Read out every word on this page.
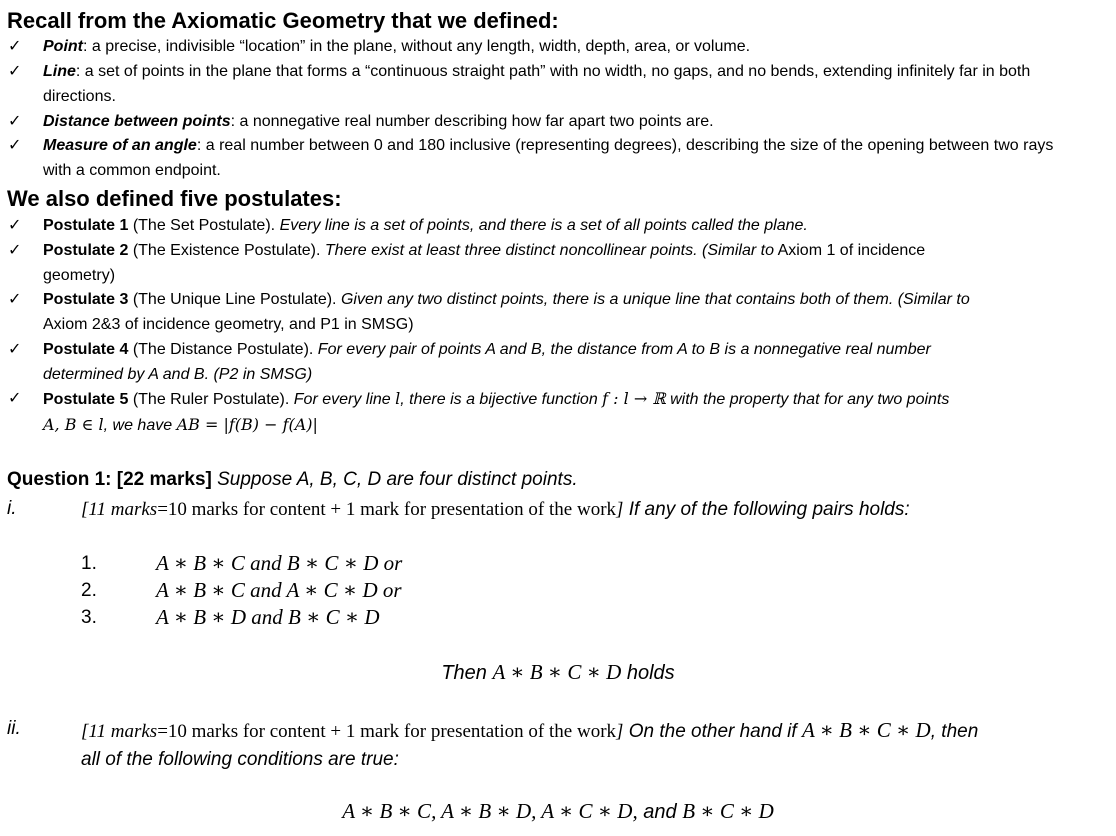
Recall from the Axiomatic Geometry that we defined:
✓ Point: a precise, indivisible “location” in the plane, without any length, width, depth, area, or volume.
✓ Line: a set of points in the plane that forms a “continuous straight path” with no width, no gaps, and no bends, extending infinitely far in both directions.
✓ Distance between points: a nonnegative real number describing how far apart two points are.
✓ Measure of an angle: a real number between 0 and 180 inclusive (representing degrees), describing the size of the opening between two rays with a common endpoint.
We also defined five postulates:
✓ Postulate 1 (The Set Postulate). Every line is a set of points, and there is a set of all points called the plane.
✓ Postulate 2 (The Existence Postulate). There exist at least three distinct noncollinear points. (Similar to Axiom 1 of incidence
geometry)
✓ Postulate 3 (The Unique Line Postulate). Given any two distinct points, there is a unique line that contains both of them. (Similar to
Axiom 2&3 of incidence geometry, and P1 in SMSG)
✓ Postulate 4 (The Distance Postulate). For every pair of points A and B, the distance from A to B is a nonnegative real number
determined by A and B. (P2 in SMSG)
✓ Postulate 5 (The Ruler Postulate). For every line l, there is a bijective function f : l → ℝ with the property that for any two points
A, B ∈ l, we have AB = |f(B) − f(A)|
Question 1: [22 marks] Suppose A, B, C, D are four distinct points.
i.	[11 marks=10 marks for content + 1 mark for presentation of the work] If any of the following pairs holds:
1.	A ∗ B ∗ C and B ∗ C ∗ D or
2.	A ∗ B ∗ C and A ∗ C ∗ D or
3.	A ∗ B ∗ D and B ∗ C ∗ D
Then A ∗ B ∗ C ∗ D holds
ii.	[11 marks=10 marks for content + 1 mark for presentation of the work] On the other hand if A ∗ B ∗ C ∗ D, then
all of the following conditions are true:
A ∗ B ∗ C, A ∗ B ∗ D, A ∗ C ∗ D, and B ∗ C ∗ D
